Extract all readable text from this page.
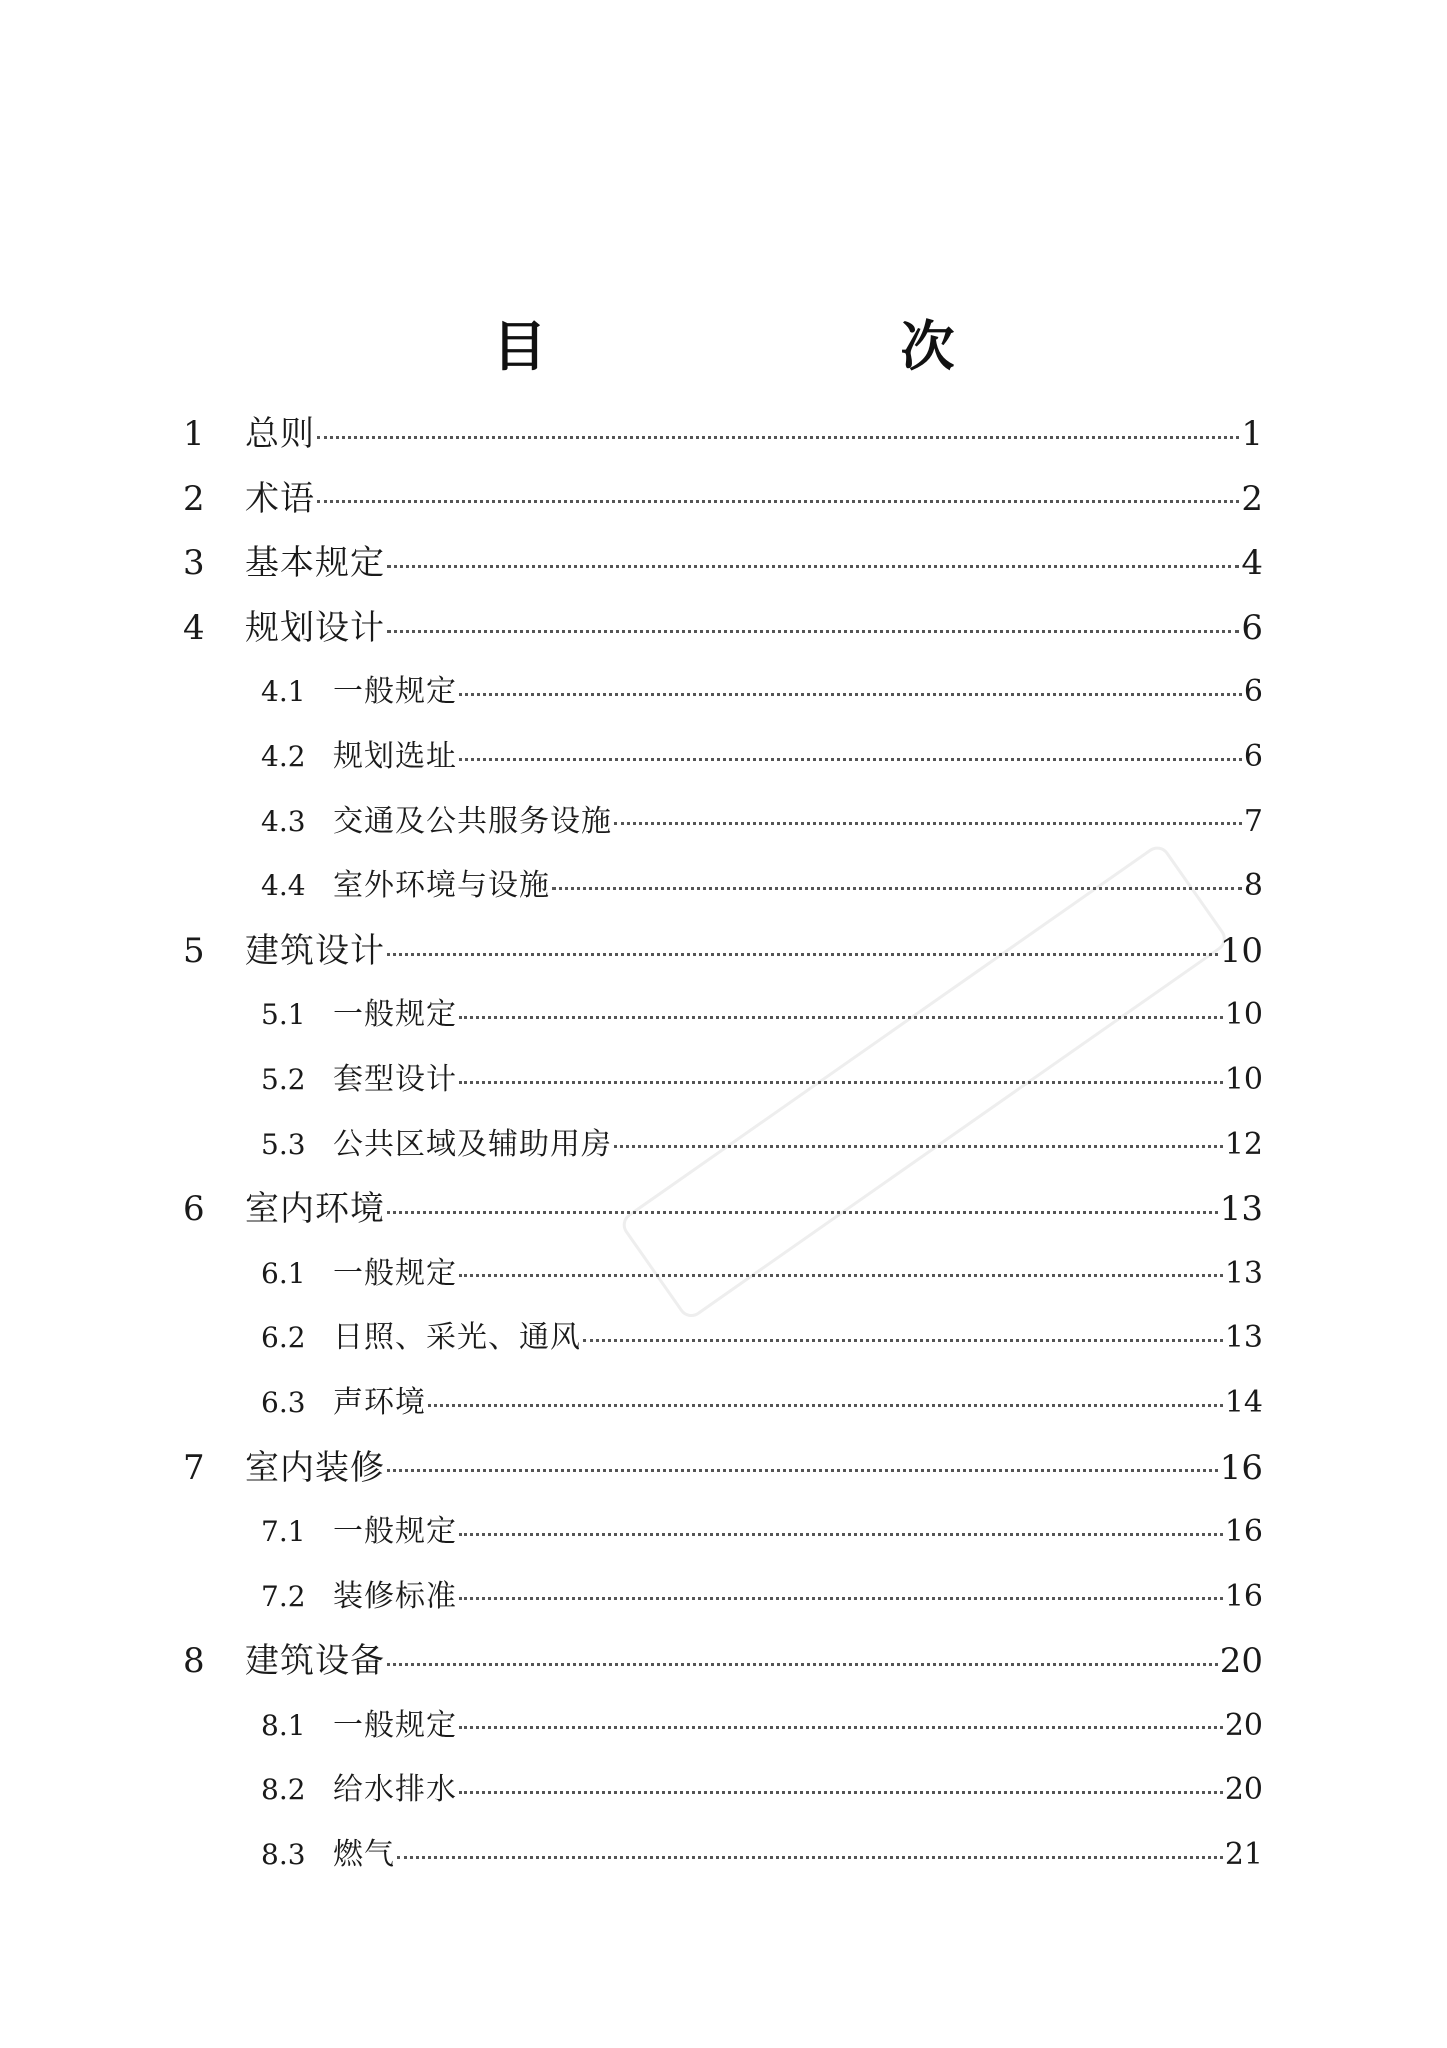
目　次
1	总则	1
2	术语	2
3	基本规定	4
4	规划设计	6
4.1 一般规定	6
4.2 规划选址	6
4.3 交通及公共服务设施	7
4.4 室外环境与设施	8
5	建筑设计	10
5.1 一般规定	10
5.2 套型设计	10
5.3 公共区域及辅助用房	12
6	室内环境	13
6.1 一般规定	13
6.2 日照、采光、通风	13
6.3 声环境	14
7	室内装修	16
7.1 一般规定	16
7.2 装修标准	16
8	建筑设备	20
8.1 一般规定	20
8.2 给水排水	20
8.3 燃气	21
